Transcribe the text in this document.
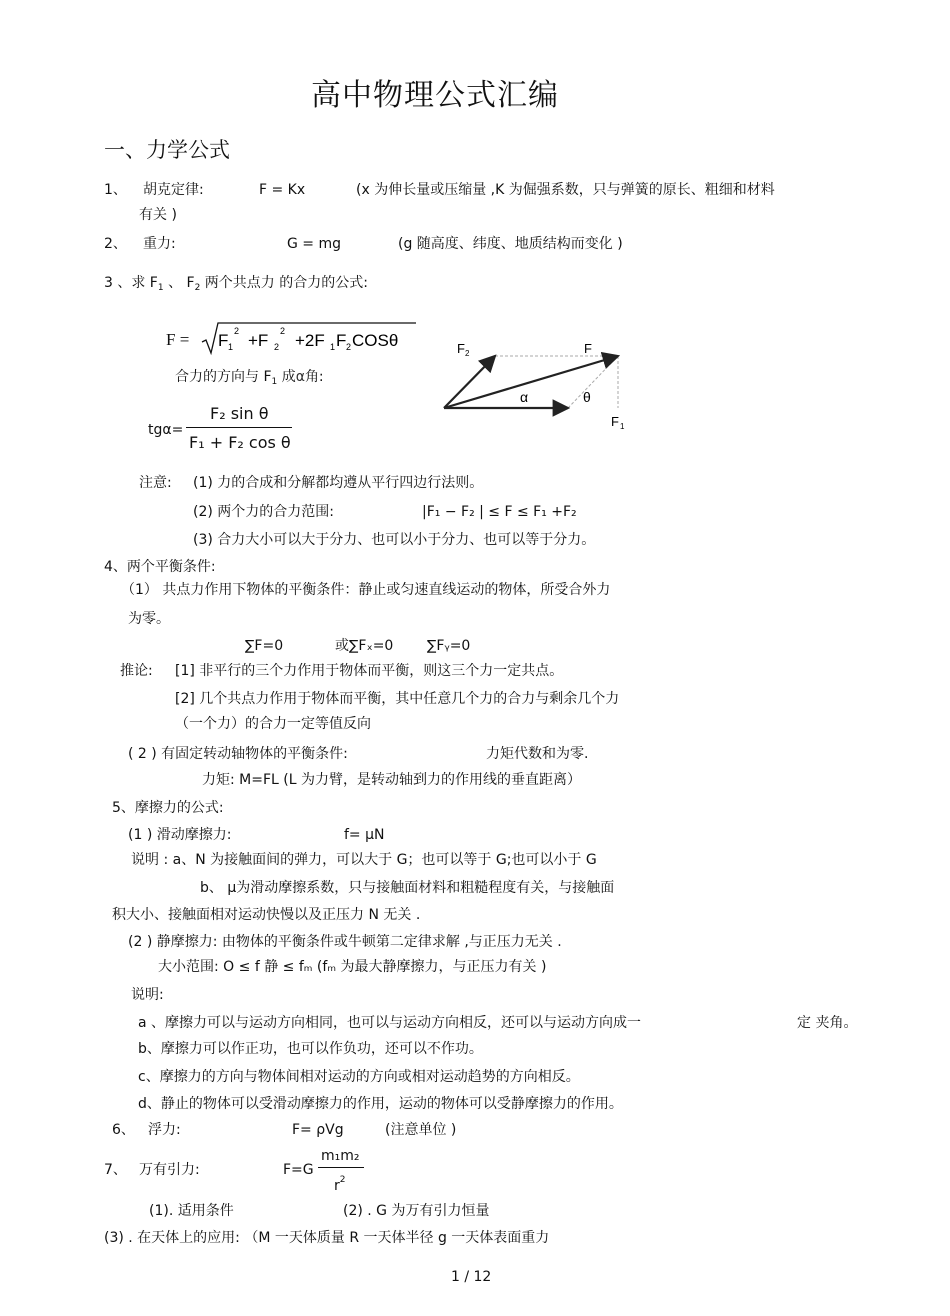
高中物理公式汇编
一、力学公式
1、 胡克定律:	F = Kx	(x 为伸长量或压缩量 ,K 为倔强系数，只与弹簧的原长、粗细和材料
有关 )
2、 重力:	G = mg	(g 随高度、纬度、地质结构而变化 )
3 、求 $F_1$ 、 $F_2$ 两个共点力 的合力的公式:
F = F 1
2 +F 2
2 +2F 1 F 2 COSθ
合力的方向与 $F_1$ 成α角:
tgα=
F₂ sin θ
F₁ + F₂ cos θ
F 2	F
α	θ
F 1
注意: (1) 力的合成和分解都均遵从平行四边行法则。
(2) 两个力的合力范围:	|F₁ − F₂ | ≤ F ≤ F₁ +F₂
(3) 合力大小可以大于分力、也可以小于分力、也可以等于分力。
4、两个平衡条件:
（1） 共点力作用下物体的平衡条件：静止或匀速直线运动的物体，所受合外力
为零。
∑F=0	或∑Fₓ=0 ∑Fᵧ=0
推论: [1] 非平行的三个力作用于物体而平衡，则这三个力一定共点。
[2] 几个共点力作用于物体而平衡，其中任意几个力的合力与剩余几个力
（一个力）的合力一定等值反向
( 2 ) 有固定转动轴物体的平衡条件:	力矩代数和为零.
力矩: M=FL (L 为力臂，是转动轴到力的作用线的垂直距离）
5、摩擦力的公式:
(1 ) 滑动摩擦力:	f= μN
说明 : a、N 为接触面间的弹力，可以大于 G；也可以等于 G;也可以小于 G
b、 μ为滑动摩擦系数，只与接触面材料和粗糙程度有关，与接触面
积大小、接触面相对运动快慢以及正压力 N 无关 .
(2 ) 静摩擦力: 由物体的平衡条件或牛顿第二定律求解 ,与正压力无关 .
大小范围: O ≤ f 静 ≤ fₘ (fₘ 为最大静摩擦力，与正压力有关 )
说明:
a 、摩擦力可以与运动方向相同，也可以与运动方向相反，还可以与运动方向成一	定 夹角。
b、摩擦力可以作正功，也可以作负功，还可以不作功。
c、摩擦力的方向与物体间相对运动的方向或相对运动趋势的方向相反。
d、静止的物体可以受滑动摩擦力的作用，运动的物体可以受静摩擦力的作用。
6、 浮力:	F= ρVg	(注意单位 )
7、 万有引力:	F=G
m₁m₂
$r^2$
(1). 适用条件	(2) . G 为万有引力恒量
(3) . 在天体上的应用: （M 一天体质量 R 一天体半径 g 一天体表面重力
1 / 12
